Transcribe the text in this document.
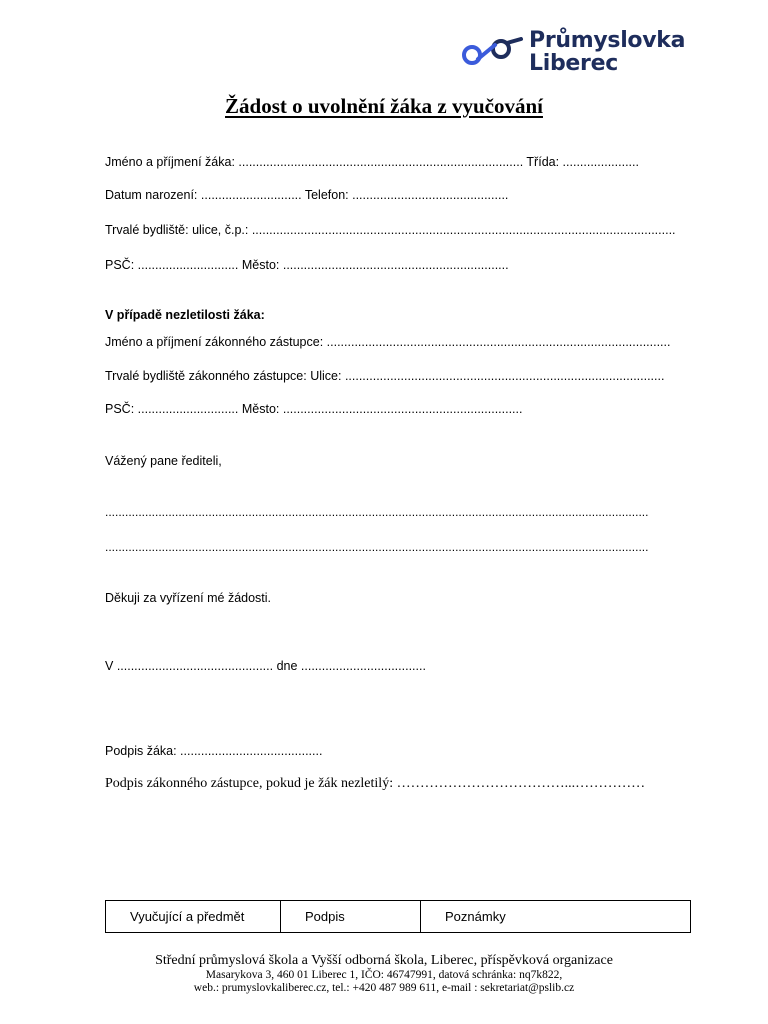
Průmyslovka
Liberec
Žádost o uvolnění žáka z vyučování
Jméno a příjmení žáka: .................................................................................. Třída: ......................
Datum narození: ............................. Telefon: .............................................
Trvalé bydliště: ulice, č.p.: ..........................................................................................................................
PSČ: ............................. Město: .................................................................
V případě nezletilosti žáka:
Jméno a příjmení zákonného zástupce: ...................................................................................................
Trvalé bydliště zákonného zástupce: Ulice: ............................................................................................
PSČ: ............................. Město: .....................................................................
Vážený pane řediteli,
...................................................................................................................................................................
...................................................................................................................................................................
Děkuji za vyřízení mé žádosti.
V ............................................. dne ....................................
Podpis žáka: .........................................
Podpis zákonného zástupce, pokud je žák nezletilý: ………………………………...……………
Vyučující a předmět	Podpis	Poznámky
Střední průmyslová škola a Vyšší odborná škola, Liberec, příspěvková organizace
Masarykova 3, 460 01 Liberec 1, IČO: 46747991, datová schránka: nq7k822,
web.: prumyslovkaliberec.cz, tel.: +420 487 989 611, e-mail : sekretariat@pslib.cz
